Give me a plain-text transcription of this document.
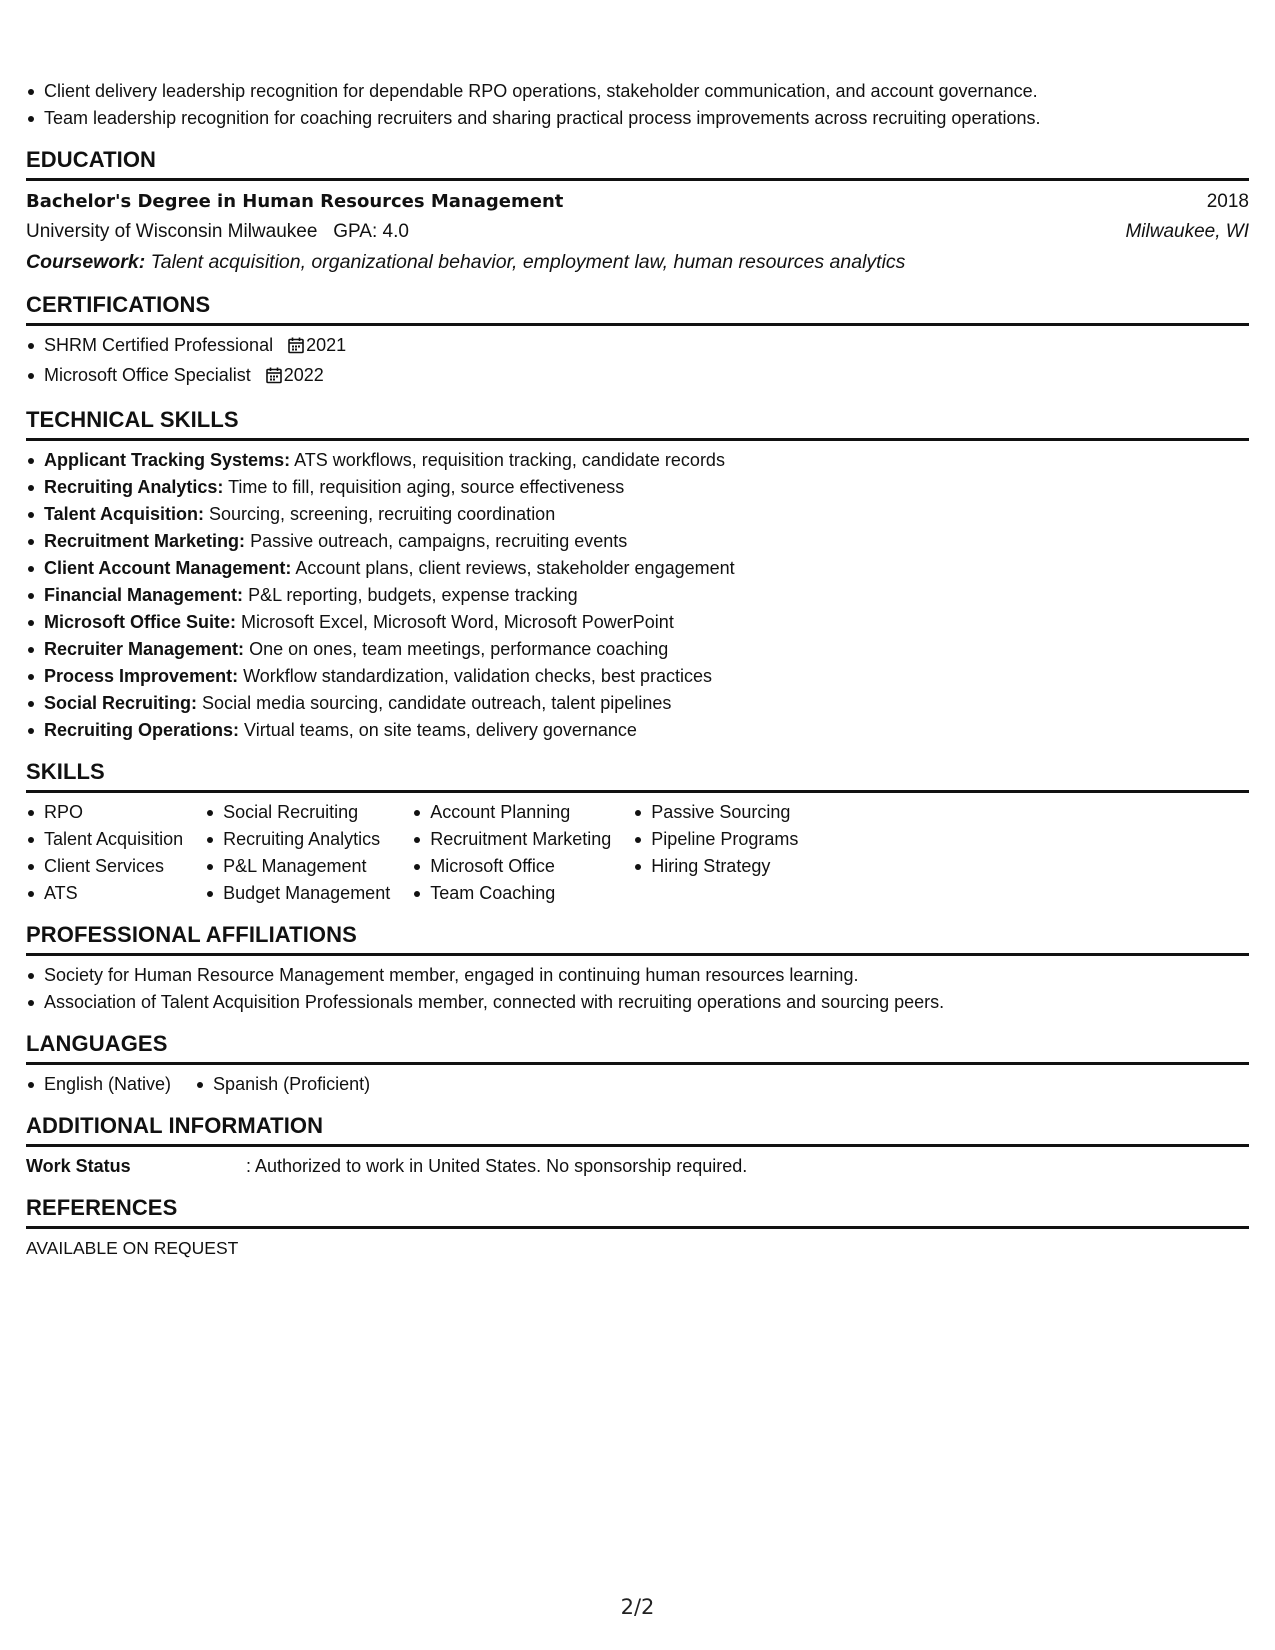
Client delivery leadership recognition for dependable RPO operations, stakeholder communication, and account governance.
Team leadership recognition for coaching recruiters and sharing practical process improvements across recruiting operations.
EDUCATION
Bachelor's Degree in Human Resources Management	2018
University of Wisconsin Milwaukee GPA: 4.0	Milwaukee, WI
Coursework: Talent acquisition, organizational behavior, employment law, human resources analytics
CERTIFICATIONS
SHRM Certified Professional 2021
Microsoft Office Specialist 2022
TECHNICAL SKILLS
Applicant Tracking Systems: ATS workflows, requisition tracking, candidate records
Recruiting Analytics: Time to fill, requisition aging, source effectiveness
Talent Acquisition: Sourcing, screening, recruiting coordination
Recruitment Marketing: Passive outreach, campaigns, recruiting events
Client Account Management: Account plans, client reviews, stakeholder engagement
Financial Management: P&L reporting, budgets, expense tracking
Microsoft Office Suite: Microsoft Excel, Microsoft Word, Microsoft PowerPoint
Recruiter Management: One on ones, team meetings, performance coaching
Process Improvement: Workflow standardization, validation checks, best practices
Social Recruiting: Social media sourcing, candidate outreach, talent pipelines
Recruiting Operations: Virtual teams, on site teams, delivery governance
SKILLS
RPO
Talent Acquisition
Client Services
ATS
Social Recruiting
Recruiting Analytics
P&L Management
Budget Management
Account Planning
Recruitment Marketing
Microsoft Office
Team Coaching
Passive Sourcing
Pipeline Programs
Hiring Strategy
PROFESSIONAL AFFILIATIONS
Society for Human Resource Management member, engaged in continuing human resources learning.
Association of Talent Acquisition Professionals member, connected with recruiting operations and sourcing peers.
LANGUAGES
English (Native)	Spanish (Proficient)
ADDITIONAL INFORMATION
Work Status	: Authorized to work in United States. No sponsorship required.
REFERENCES
AVAILABLE ON REQUEST
2/2
